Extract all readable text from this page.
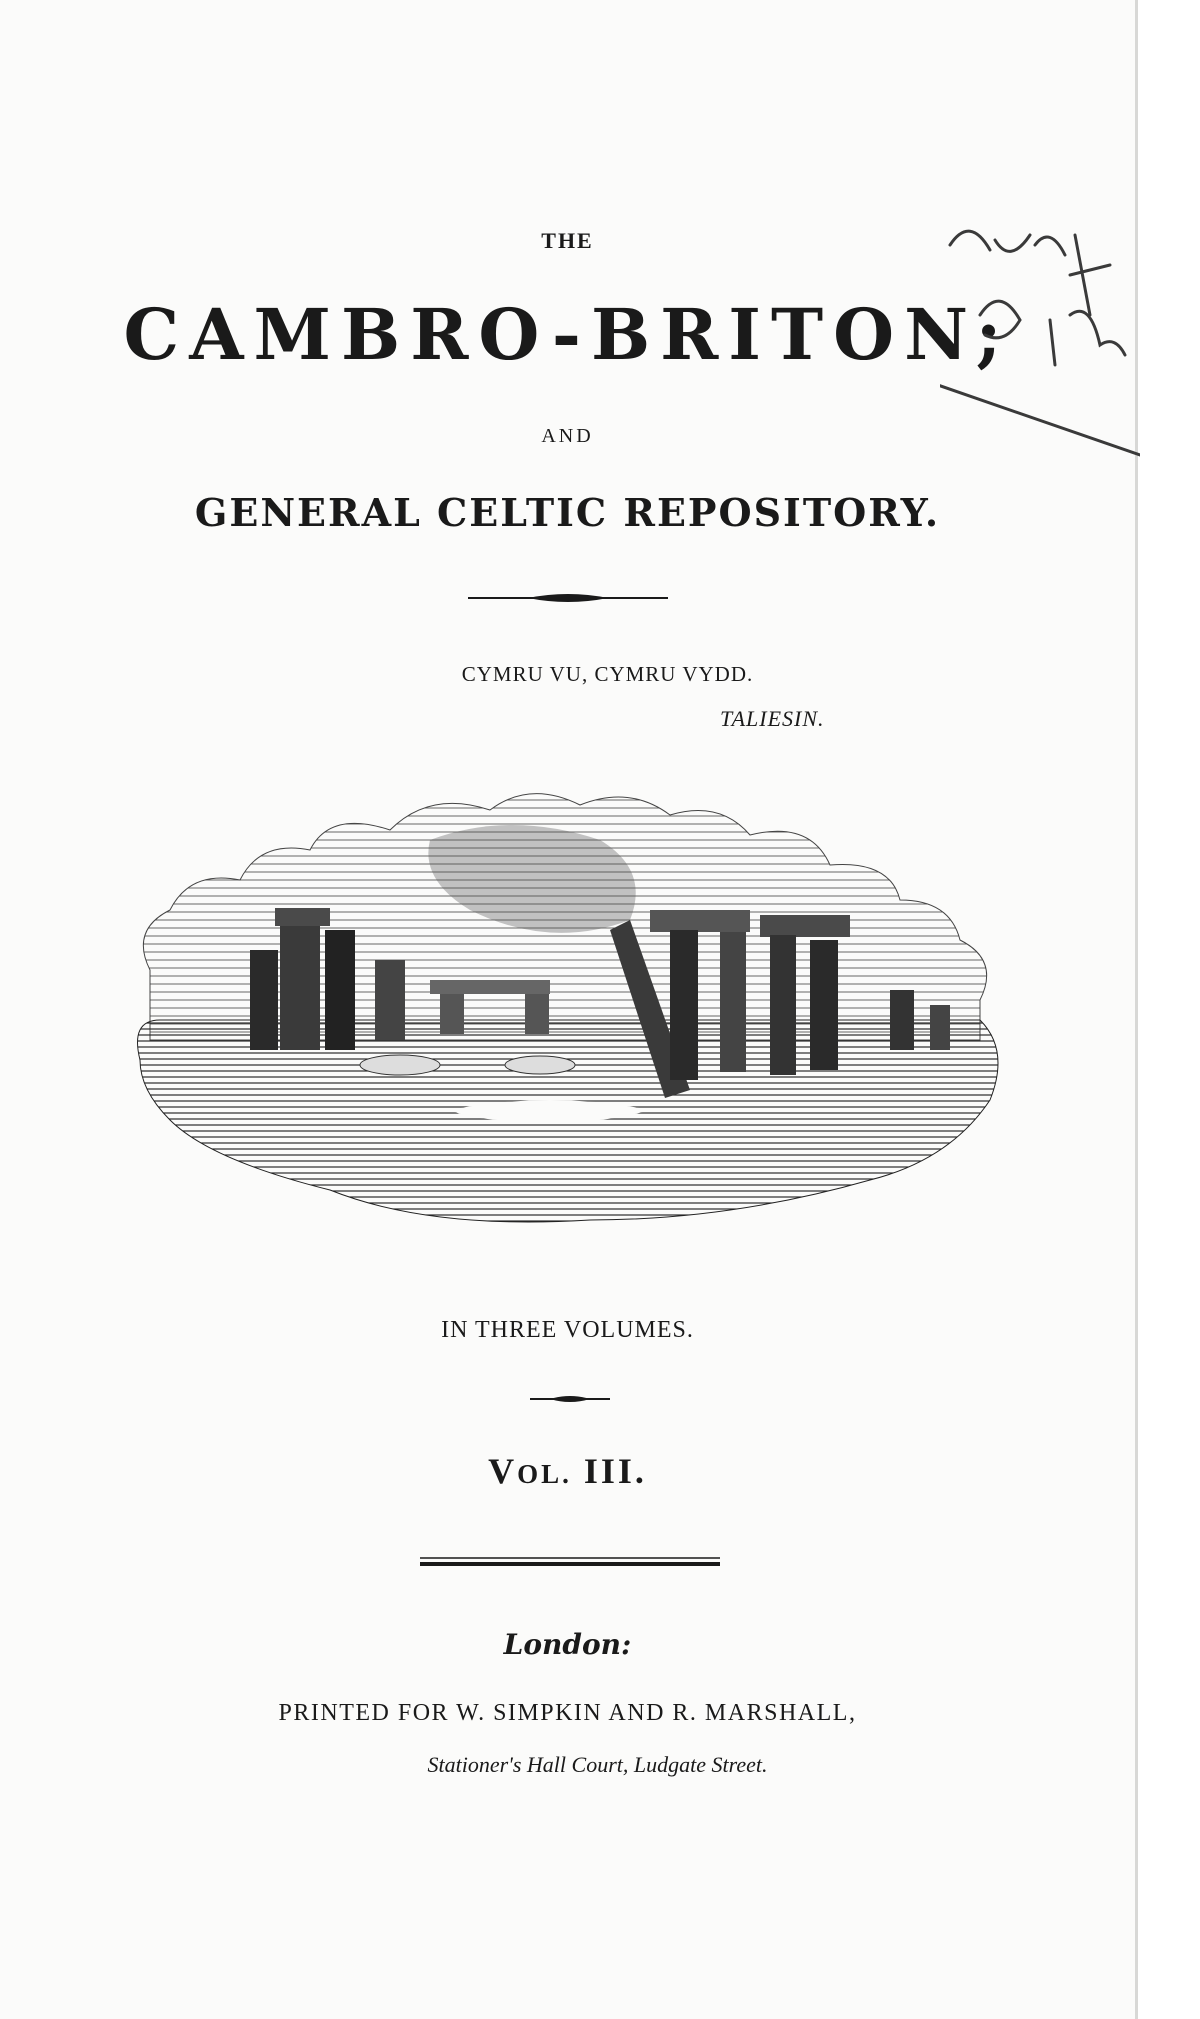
THE
CAMBRO-BRITON;
AND
GENERAL CELTIC REPOSITORY.
CYMRU VU, CYMRU VYDD.
TALIESIN.
IN THREE VOLUMES.
VOL. III.
London:
PRINTED FOR W. SIMPKIN AND R. MARSHALL,
Stationer's Hall Court, Ludgate Street.
